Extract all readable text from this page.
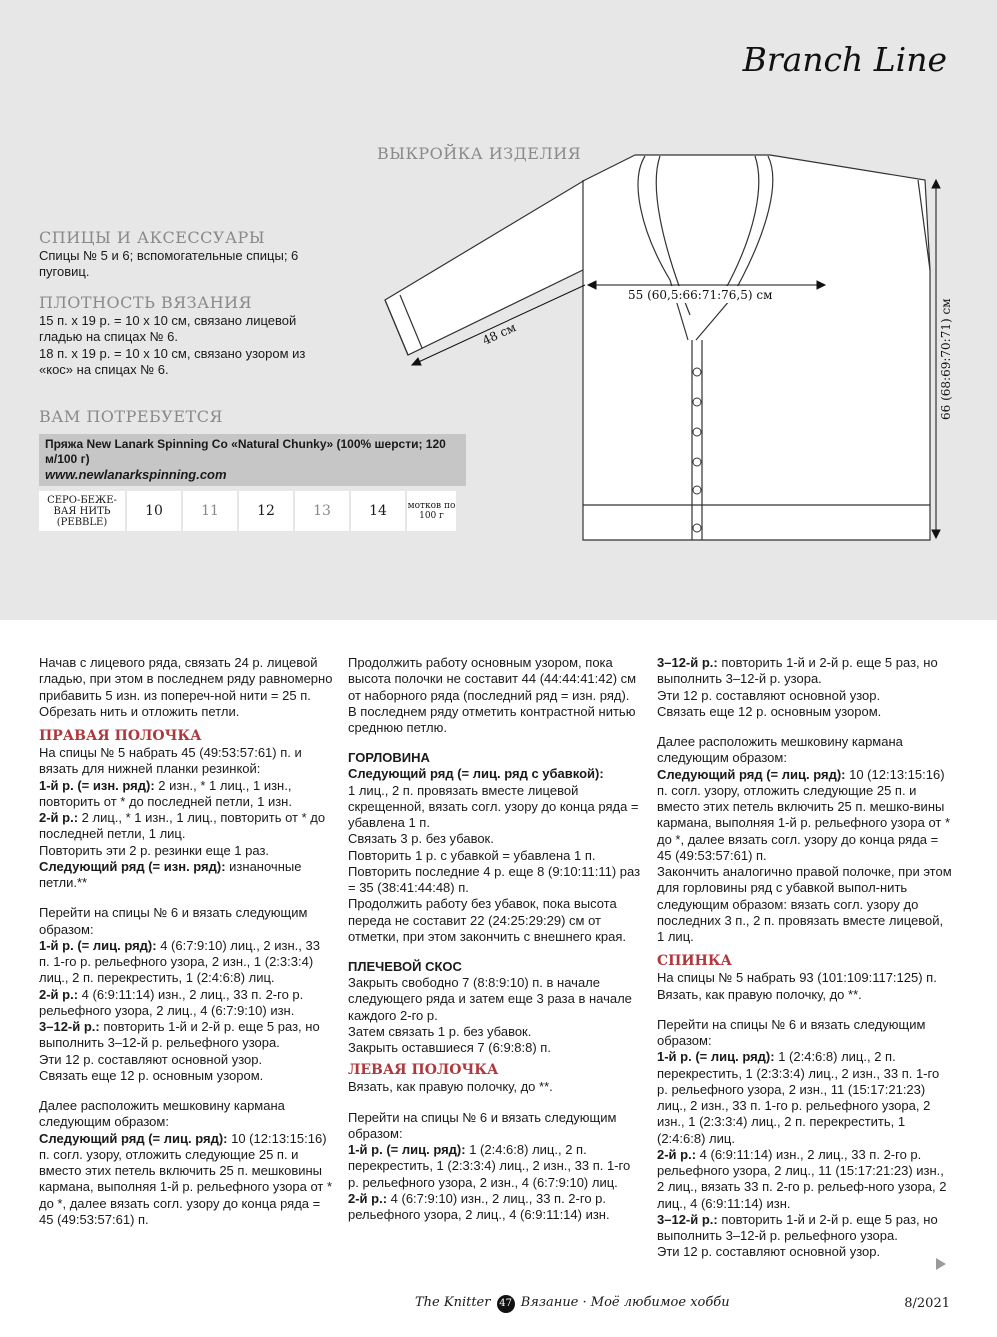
Branch Line
ВЫКРОЙКА ИЗДЕЛИЯ
СПИЦЫ И АКСЕССУАРЫ
Спицы № 5 и 6; вспомогательные спицы; 6 пуговиц.
ПЛОТНОСТЬ ВЯЗАНИЯ
15 п. x 19 р. = 10 x 10 см, связано лицевой гладью на спицах № 6.
18 п. x 19 р. = 10 x 10 см, связано узором из «кос» на спицах № 6.
ВАМ ПОТРЕБУЕТСЯ
Пряжа New Lanark Spinning Co «Natural Chunky» (100% шерсти; 120 м/100 г)
www.newlanarkspinning.com
СЕРО-БЕЖЕ-ВАЯ НИТЬ (PEBBLE)
10	11	12	13	14	мотков по 100 г
55 (60,5:66:71:76,5) см
48 см	66 (68:69:70:71) см

Начав с лицевого ряда, связать 24 р. лицевой гладью, при этом в последнем ряду равномерно прибавить 5 изн. из попереч-ной нити = 25 п.

Обрезать нить и отложить петли.

ПРАВАЯ ПОЛОЧКА

На спицы № 5 набрать 45 (49:53:57:61) п. и вязать для нижней планки резинкой:

1-й р. (= изн. ряд): 2 изн., * 1 лиц., 1 изн., повторить от * до последней петли, 1 изн.

2-й р.: 2 лиц., * 1 изн., 1 лиц., повторить от * до последней петли, 1 лиц.

Повторить эти 2 р. резинки еще 1 раз.

Следующий ряд (= изн. ряд): изнаночные петли.**

Перейти на спицы № 6 и вязать следующим образом:

1-й р. (= лиц. ряд): 4 (6:7:9:10) лиц., 2 изн., 33 п. 1-го р. рельефного узора, 2 изн., 1 (2:3:3:4) лиц., 2 п. перекрестить, 1 (2:4:6:8) лиц.

2-й р.: 4 (6:9:11:14) изн., 2 лиц., 33 п. 2-го р. рельефного узора, 2 лиц., 4 (6:7:9:10) изн.

3–12-й р.: повторить 1-й и 2-й р. еще 5 раз, но выполнить 3–12-й р. рельефного узора.

Эти 12 р. составляют основной узор.

Связать еще 12 р. основным узором.

Далее расположить мешковину кармана следующим образом:

Следующий ряд (= лиц. ряд): 10 (12:13:15:16) п. согл. узору, отложить следующие 25 п. и вместо этих петель включить 25 п. мешковины кармана, выполняя 1-й р. рельефного узора от * до *, далее вязать согл. узору до конца ряда = 45 (49:53:57:61) п.

Продолжить работу основным узором, пока высота полочки не составит 44 (44:44:41:42) см от наборного ряда (последний ряд = изн. ряд).

В последнем ряду отметить контрастной нитью среднюю петлю.

ГОРЛОВИНА

Следующий ряд (= лиц. ряд с убавкой):

1 лиц., 2 п. провязать вместе лицевой скрещенной, вязать согл. узору до конца ряда = убавлена 1 п.

Связать 3 р. без убавок.

Повторить 1 р. с убавкой = убавлена 1 п.

Повторить последние 4 р. еще 8 (9:10:11:11) раз = 35 (38:41:44:48) п.

Продолжить работу без убавок, пока высота переда не составит 22 (24:25:29:29) см от отметки, при этом закончить с внешнего края.

ПЛЕЧЕВОЙ СКОС

Закрыть свободно 7 (8:8:9:10) п. в начале следующего ряда и затем еще 3 раза в начале каждого 2-го р.

Затем связать 1 р. без убавок.

Закрыть оставшиеся 7 (6:9:8:8) п.

ЛЕВАЯ ПОЛОЧКА

Вязать, как правую полочку, до **.

Перейти на спицы № 6 и вязать следующим образом:

1-й р. (= лиц. ряд): 1 (2:4:6:8) лиц., 2 п. перекрестить, 1 (2:3:3:4) лиц., 2 изн., 33 п. 1-го р. рельефного узора, 2 изн., 4 (6:7:9:10) лиц.

2-й р.: 4 (6:7:9:10) изн., 2 лиц., 33 п. 2-го р. рельефного узора, 2 лиц., 4 (6:9:11:14) изн.

3–12-й р.: повторить 1-й и 2-й р. еще 5 раз, но выполнить 3–12-й р. узора.

Эти 12 р. составляют основной узор.

Связать еще 12 р. основным узором.

Далее расположить мешковину кармана следующим образом:

Следующий ряд (= лиц. ряд): 10 (12:13:15:16) п. согл. узору, отложить следующие 25 п. и вместо этих петель включить 25 п. мешко-вины кармана, выполняя 1-й р. рельефного узора от * до *, далее вязать согл. узору до конца ряда = 45 (49:53:57:61) п.

Закончить аналогично правой полочке, при этом для горловины ряд с убавкой выпол-нить следующим образом: вязать согл. узору до последних 3 п., 2 п. провязать вместе лицевой, 1 лиц.

СПИНКА

На спицы № 5 набрать 93 (101:109:117:125) п. Вязать, как правую полочку, до **.

Перейти на спицы № 6 и вязать следующим образом:

1-й р. (= лиц. ряд): 1 (2:4:6:8) лиц., 2 п. перекрестить, 1 (2:3:3:4) лиц., 2 изн., 33 п. 1-го р. рельефного узора, 2 изн., 11 (15:17:21:23) лиц., 2 изн., 33 п. 1-го р. рельефного узора, 2 изн., 1 (2:3:3:4) лиц., 2 п. перекрестить, 1 (2:4:6:8) лиц.

2-й р.: 4 (6:9:11:14) изн., 2 лиц., 33 п. 2-го р. рельефного узора, 2 лиц., 11 (15:17:21:23) изн., 2 лиц., вязать 33 п. 2-го р. рельеф-ного узора, 2 лиц., 4 (6:9:11:14) изн.

3–12-й р.: повторить 1-й и 2-й р. еще 5 раз, но выполнить 3–12-й р. рельефного узора.

Эти 12 р. составляют основной узор.

The Knitter 47 Вязание · Моё любимое хобби	8/2021
